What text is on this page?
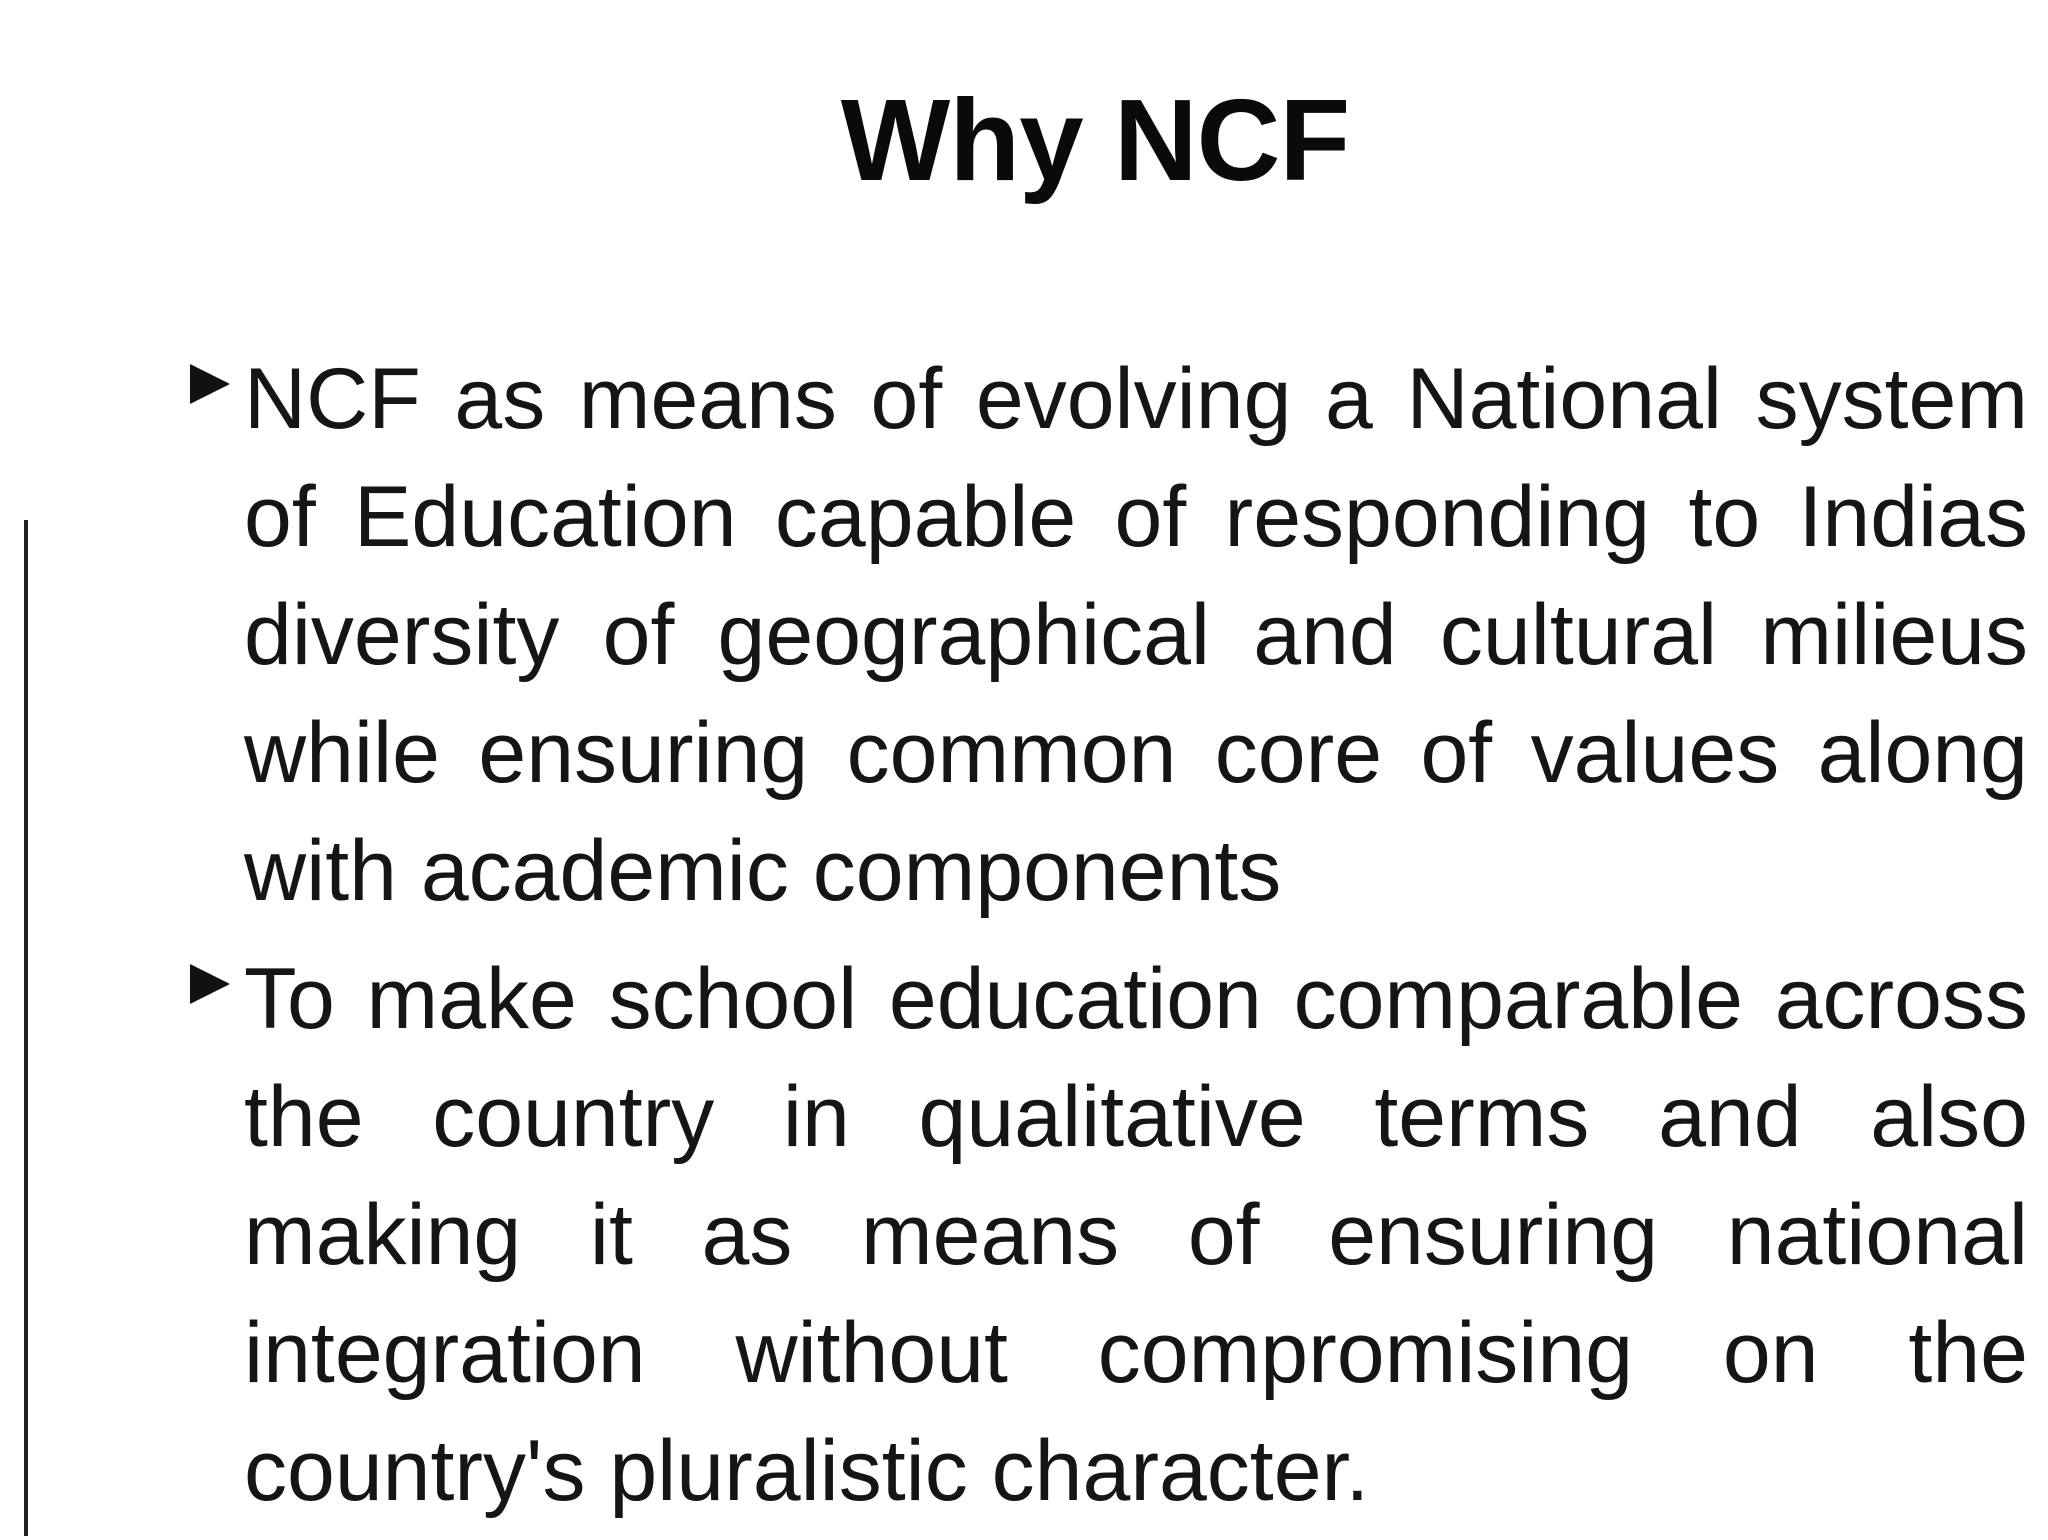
Why NCF
NCF as means of evolving a National system of Education capable of responding to Indias diversity of geographical and cultural milieus while ensuring common core of values along with academic components
To make school education comparable across the country in qualitative terms and also making it as means of ensuring national integration without compromising on the country's pluralistic character.
